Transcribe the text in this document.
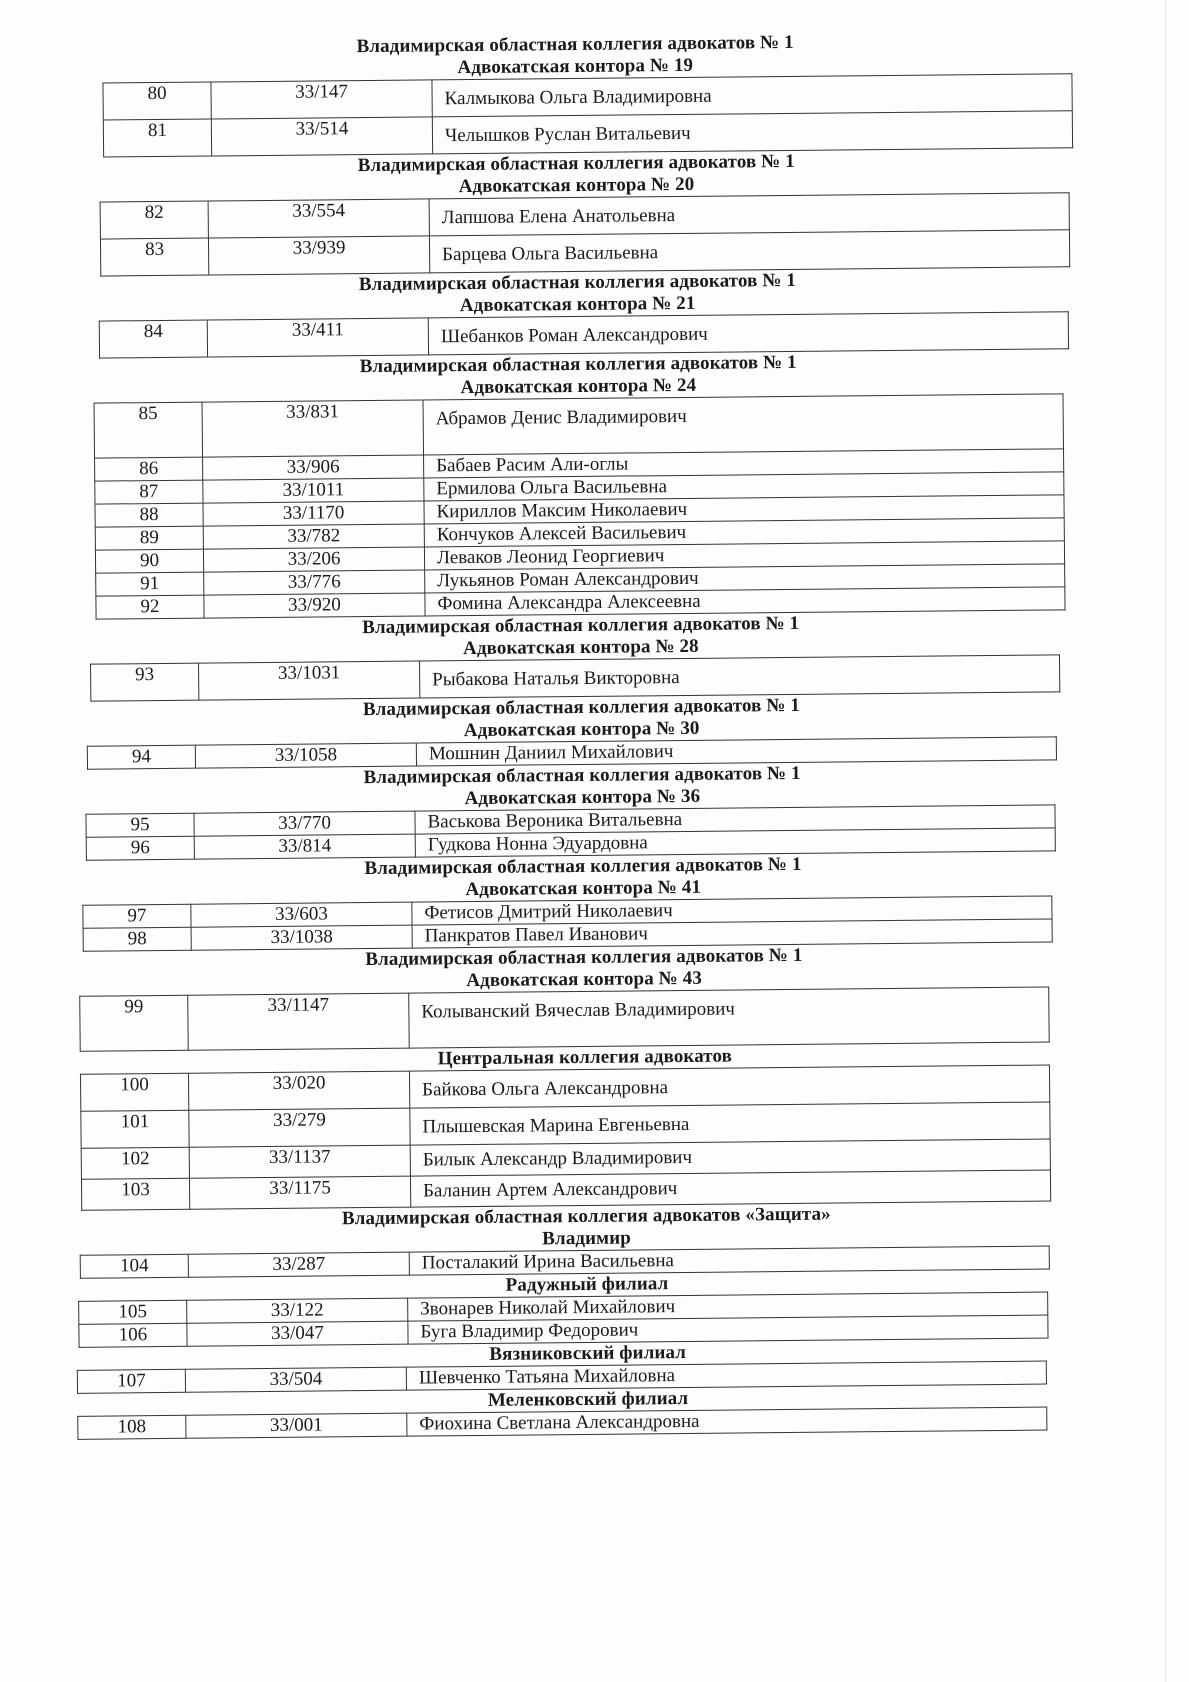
Владимирская областная коллегия адвокатов № 1
Адвокатская контора № 19
80	33/147	Калмыкова Ольга Владимировна
81	33/514	Челышков Руслан Витальевич
Владимирская областная коллегия адвокатов № 1
Адвокатская контора № 20
82	33/554	Лапшова Елена Анатольевна
83	33/939	Барцева Ольга Васильевна
Владимирская областная коллегия адвокатов № 1
Адвокатская контора № 21
84	33/411	Шебанков Роман Александрович
Владимирская областная коллегия адвокатов № 1
Адвокатская контора № 24
85	33/831	Абрамов Денис Владимирович
86	33/906	Бабаев Расим Али-оглы
87	33/1011	Ермилова Ольга Васильевна
88	33/1170	Кириллов Максим Николаевич
89	33/782	Кончуков Алексей Васильевич
90	33/206	Леваков Леонид Георгиевич
91	33/776	Лукьянов Роман Александрович
92	33/920	Фомина Александра Алексеевна
Владимирская областная коллегия адвокатов № 1
Адвокатская контора № 28
93	33/1031	Рыбакова Наталья Викторовна
Владимирская областная коллегия адвокатов № 1
Адвокатская контора № 30
94	33/1058	Мошнин Даниил Михайлович
Владимирская областная коллегия адвокатов № 1
Адвокатская контора № 36
95	33/770	Васькова Вероника Витальевна
96	33/814	Гудкова Нонна Эдуардовна
Владимирская областная коллегия адвокатов № 1
Адвокатская контора № 41
97	33/603	Фетисов Дмитрий Николаевич
98	33/1038	Панкратов Павел Иванович
Владимирская областная коллегия адвокатов № 1
Адвокатская контора № 43
99	33/1147	Колыванский Вячеслав Владимирович
Центральная коллегия адвокатов
100	33/020	Байкова Ольга Александровна
101	33/279	Плышевская Марина Евгеньевна
102	33/1137	Билык Александр Владимирович
103	33/1175	Баланин Артем Александрович
Владимирская областная коллегия адвокатов «Защита»
Владимир
104	33/287	Посталакий Ирина Васильевна
Радужный филиал
105	33/122	Звонарев Николай Михайлович
106	33/047	Буга Владимир Федорович
Вязниковский филиал
107	33/504	Шевченко Татьяна Михайловна
Меленковский филиал
108	33/001	Фиохина Светлана Александровна
